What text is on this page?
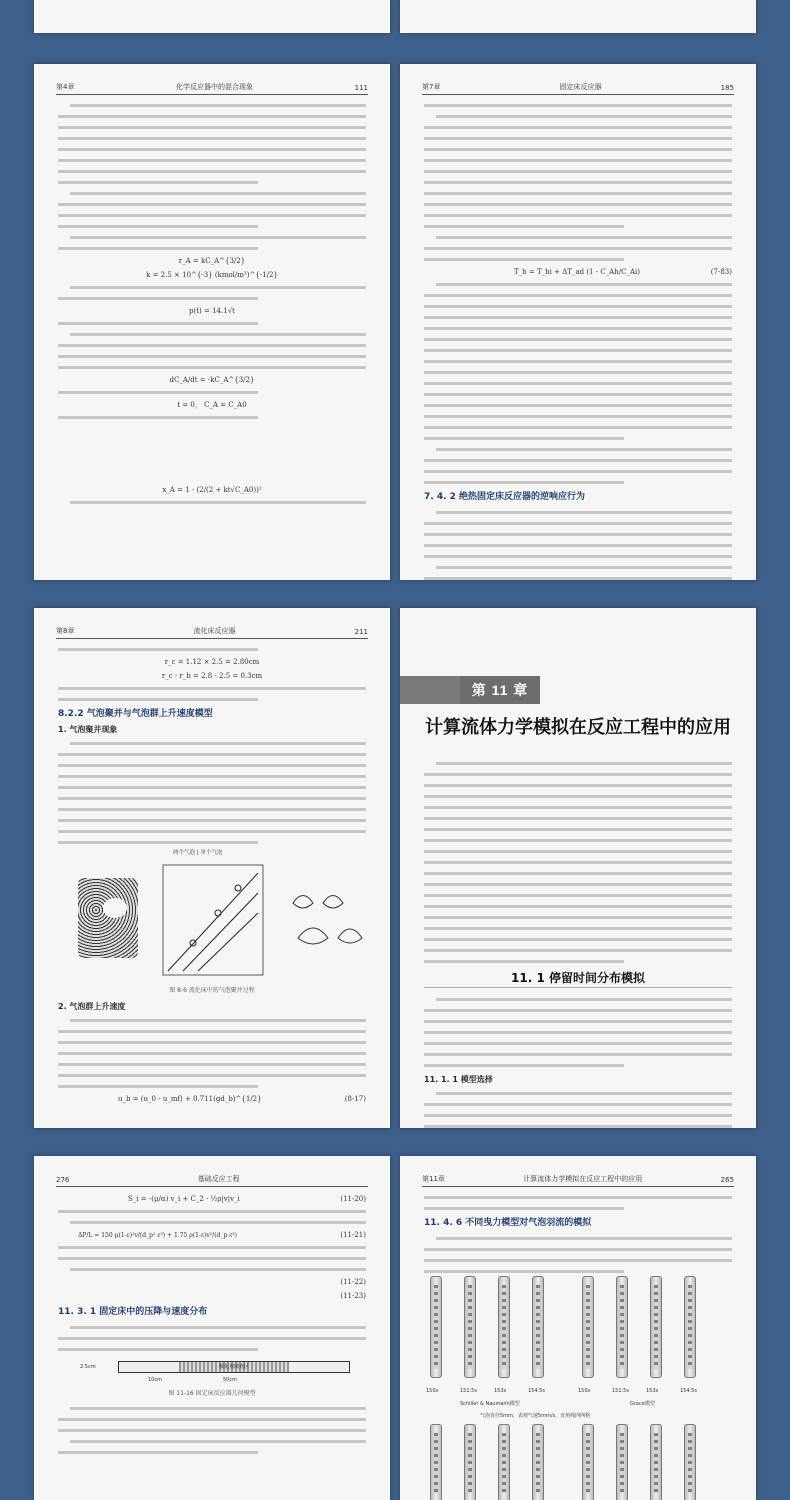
第4章	化学反应器中的混合现象	111
r_A = kC_A^{3/2}
k = 2.5 × 10^{-3} (kmol/m³)^{-1/2}
p(t) = 14.1√t
dC_A/dt = -kC_A^{3/2}
t = 0， C_A = C_A0
x_A = 1 - (2/(2 + kt√C_A0))²
第7章	固定床反应器	185
T_h = T_hi + ΔT_ad (1 - C_Ah/C_Ai)	(7-83)
7. 4. 2 绝热固定床反应器的逆响应行为
第8章	流化床反应器	211
r_c = 1.12 × 2.5 = 2.80cm
r_c - r_b = 2.8 - 2.5 = 0.3cm
8.2.2 气泡聚并与气泡群上升速度模型
1. 气泡聚并现象
两个气泡 | 单个气泡
图 8-6 流化床中的气泡聚并过程
2. 气泡群上升速度
u_b = (u_0 - u_mf) + 0.711(gd_b)^{1/2}	(8-17)
第 11 章
计算流体力学模拟在反应工程中的应用
11. 1 停留时间分布模拟
11. 1. 1 模型选择
276	基础反应工程
S_i = -(μ/α) v_i + C_2 · ½ρ|v|v_i	(11-20)
ΔP/L = 150 μ(1-ε)²v/(d_p² ε³) + 1.75 ρ(1-ε)v²/(d_p ε³)	(11-21)
(11-22)
(11-23)
11. 3. 1 固定床中的压降与速度分布
催化剂填充区
2.5cm
50cm
10cm
图 11-16 固定床反应器几何模型
第11章	计算流体力学模拟在反应工程中的应用	265
11. 4. 6 不同曳力模型对气泡羽流的模拟
150s	151.5s	153s	154.5s	150s	151.5s	153s	154.5s
Schiller & Naumann模型	Grace模型
气泡直径5mm，表观气速5mm/s，直角线四网格
